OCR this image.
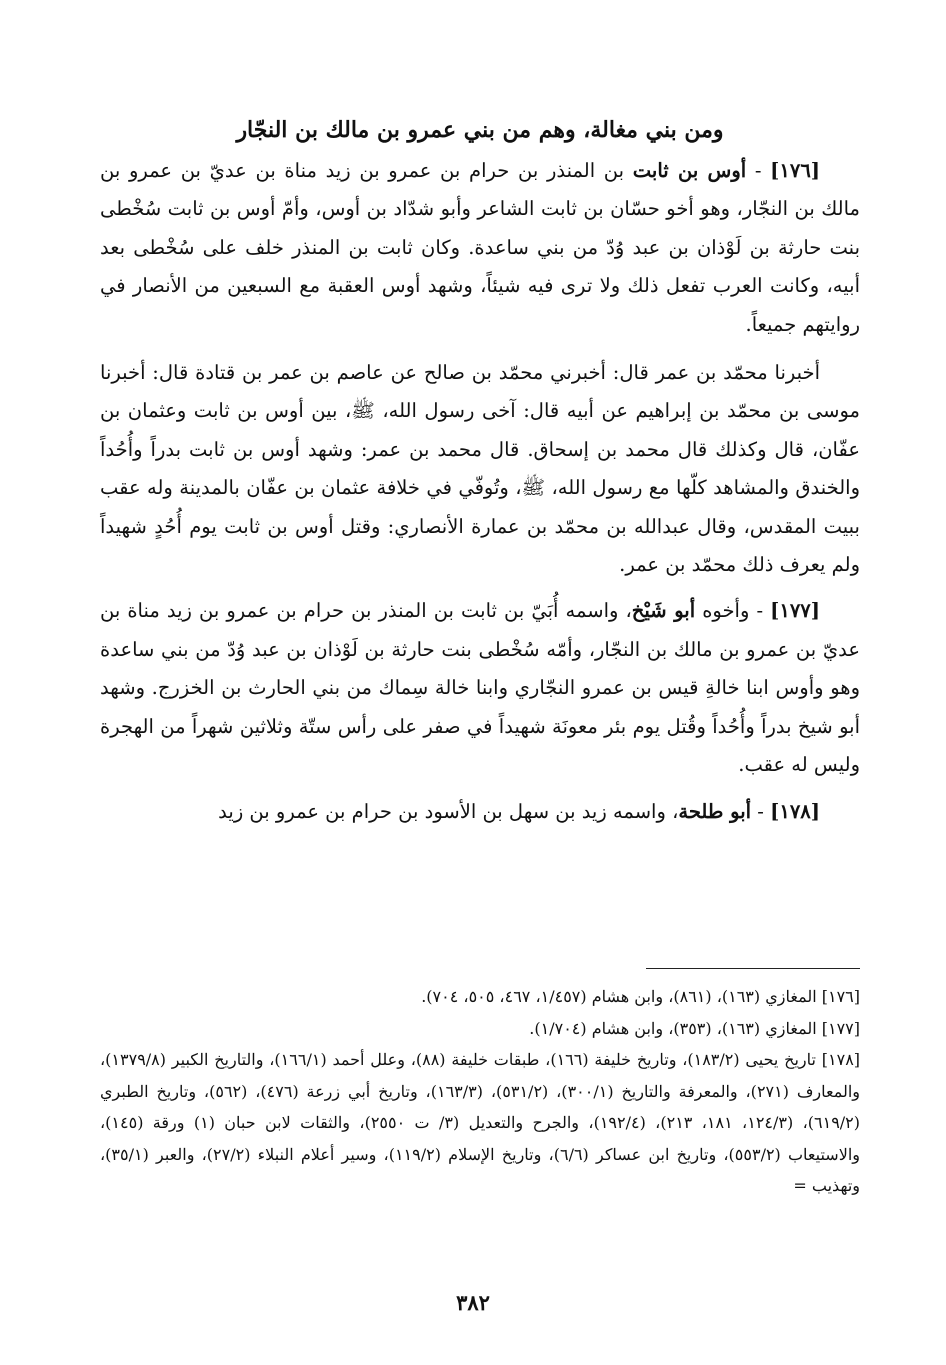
ومن بني مغالة، وهم من بني عمرو بن مالك بن النجّار

[١٧٦] - أوس بن ثابت بن المنذر بن حرام بن عمرو بن زيد مناة بن عديّ بن عمرو بن مالك بن النجّار، وهو أخو حسّان بن ثابت الشاعر وأبو شدّاد بن أوس، وأمّ أوس بن ثابت سُخْطى بنت حارثة بن لَوْذان بن عبد وُدّ من بني ساعدة. وكان ثابت بن المنذر خلف على سُخْطى بعد أبيه، وكانت العرب تفعل ذلك ولا ترى فيه شيئاً، وشهد أوس العقبة مع السبعين من الأنصار في روايتهم جميعاً.

أخبرنا محمّد بن عمر قال: أخبرني محمّد بن صالح عن عاصم بن عمر بن قتادة قال: أخبرنا موسى بن محمّد بن إبراهيم عن أبيه قال: آخى رسول الله، ﷺ، بين أوس بن ثابت وعثمان بن عفّان، قال وكذلك قال محمد بن إسحاق. قال محمد بن عمر: وشهد أوس بن ثابت بدراً وأُحُداً والخندق والمشاهد كلّها مع رسول الله، ﷺ، وتُوفّي في خلافة عثمان بن عفّان بالمدينة وله عقب ببيت المقدس، وقال عبدالله بن محمّد بن عمارة الأنصاري: وقتل أوس بن ثابت يوم أُحُدٍ شهيداً ولم يعرف ذلك محمّد بن عمر.

[١٧٧] - وأخوه أبو شَيْخ، واسمه أُبَيّ بن ثابت بن المنذر بن حرام بن عمرو بن زيد مناة بن عديّ بن عمرو بن مالك بن النجّار، وأمّه سُخْطى بنت حارثة بن لَوْذان بن عبد وُدّ من بني ساعدة وهو وأوس ابنا خالةِ قيس بن عمرو النجّاري وابنا خالة سِماك من بني الحارث بن الخزرج. وشهد أبو شيخ بدراً وأُحُداً وقُتل يوم بئر معونَة شهيداً في صفر على رأس ستّة وثلاثين شهراً من الهجرة وليس له عقب.

[١٧٨] - أبو طلحة، واسمه زيد بن سهل بن الأسود بن حرام بن عمرو بن زيد

[١٧٦] المغازي (١٦٣)، (٨٦١)، وابن هشام (١/٤٥٧، ٤٦٧، ٥٠٥، ٧٠٤).

[١٧٧] المغازي (١٦٣)، (٣٥٣)، وابن هشام (١/٧٠٤).

[١٧٨] تاريخ يحيى (١٨٣/٢)، وتاريخ خليفة (١٦٦)، طبقات خليفة (٨٨)، وعلل أحمد (١٦٦/١)، والتاريخ الكبير (١٣٧٩/٨)، والمعارف (٢٧١)، والمعرفة والتاريخ (٣٠٠/١)، (٥٣١/٢)، (١٦٣/٣)، وتاريخ أبي زرعة (٤٧٦)، (٥٦٢)، وتاريخ الطبري (٦١٩/٢)، (١٢٤/٣، ١٨١، ٢١٣)، (١٩٢/٤)، والجرح والتعديل (٣/ ت ٢٥٥٠)، والثقات لابن حبان (١) ورقة (١٤٥)، والاستيعاب (٥٥٣/٢)، وتاريخ ابن عساكر (٦/٦)، وتاريخ الإسلام (١١٩/٢)، وسير أعلام النبلاء (٢٧/٢)، والعبر (٣٥/١)، وتهذيب =

٣٨٢
